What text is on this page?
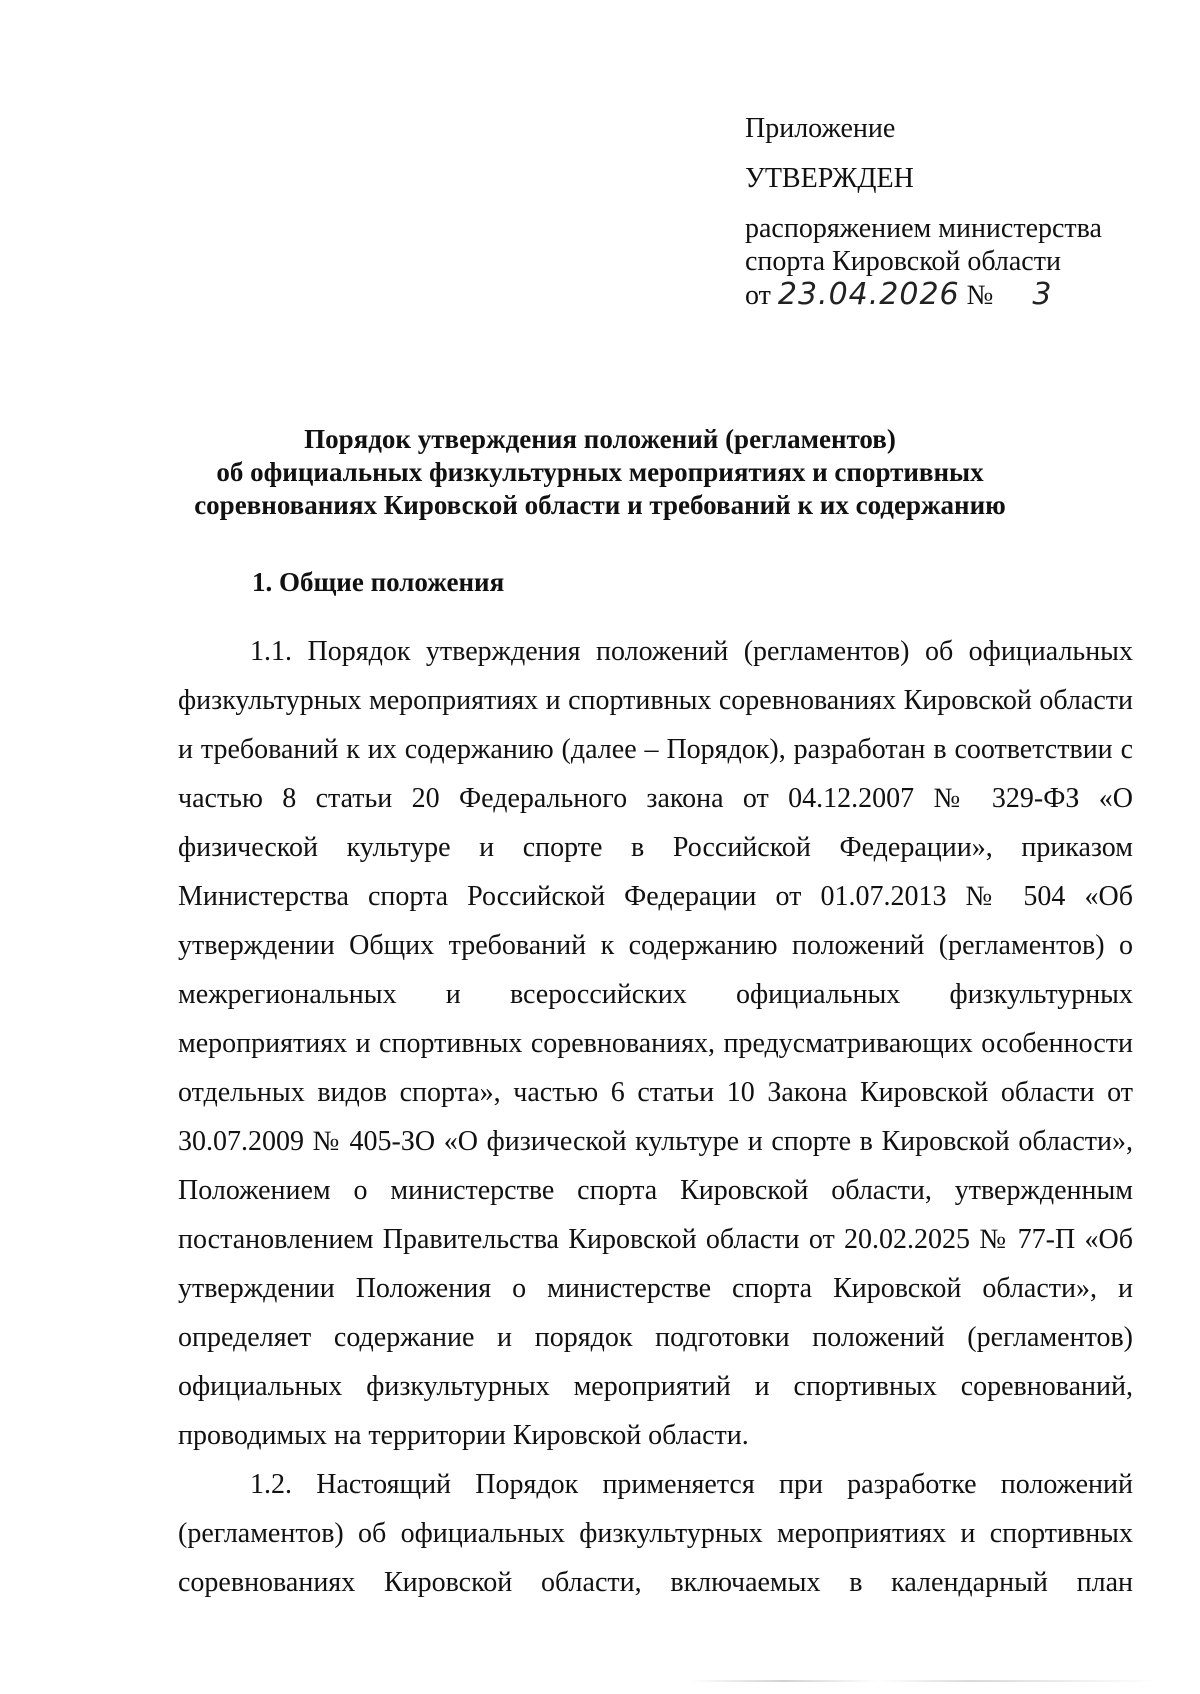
Приложение
УТВЕРЖДЕН
распоряжением министерства
спорта Кировской области
от 23.04.2026 № 3
Порядок утверждения положений (регламентов)
об официальных физкультурных мероприятиях и спортивных
соревнованиях Кировской области и требований к их содержанию
1. Общие положения

1.1. Порядок утверждения положений (регламентов) об официальных физкультурных мероприятиях и спортивных соревнованиях Кировской области и требований к их содержанию (далее – Порядок), разработан в соответствии с частью 8 статьи 20 Федерального закона от 04.12.2007 № 329-ФЗ «О физической культуре и спорте в Российской Федерации», приказом Министерства спорта Российской Федерации от 01.07.2013 № 504 «Об утверждении Общих требований к содержанию положений (регламентов) о межрегиональных и всероссийских официальных физкультурных мероприятиях и спортивных соревнованиях, предусматривающих особенности отдельных видов спорта», частью 6 статьи 10 Закона Кировской области от 30.07.2009 № 405-ЗО «О физической культуре и спорте в Кировской области», Положением о министерстве спорта Кировской области, утвержденным постановлением Правительства Кировской области от 20.02.2025 № 77-П «Об утверждении Положения о министерстве спорта Кировской области», и определяет содержание и порядок подготовки положений (регламентов) официальных физкультурных мероприятий и спортивных соревнований, проводимых на территории Кировской области.

1.2. Настоящий Порядок применяется при разработке положений (регламентов) об официальных физкультурных мероприятиях и спортивных соревнованиях Кировской области, включаемых в календарный план
